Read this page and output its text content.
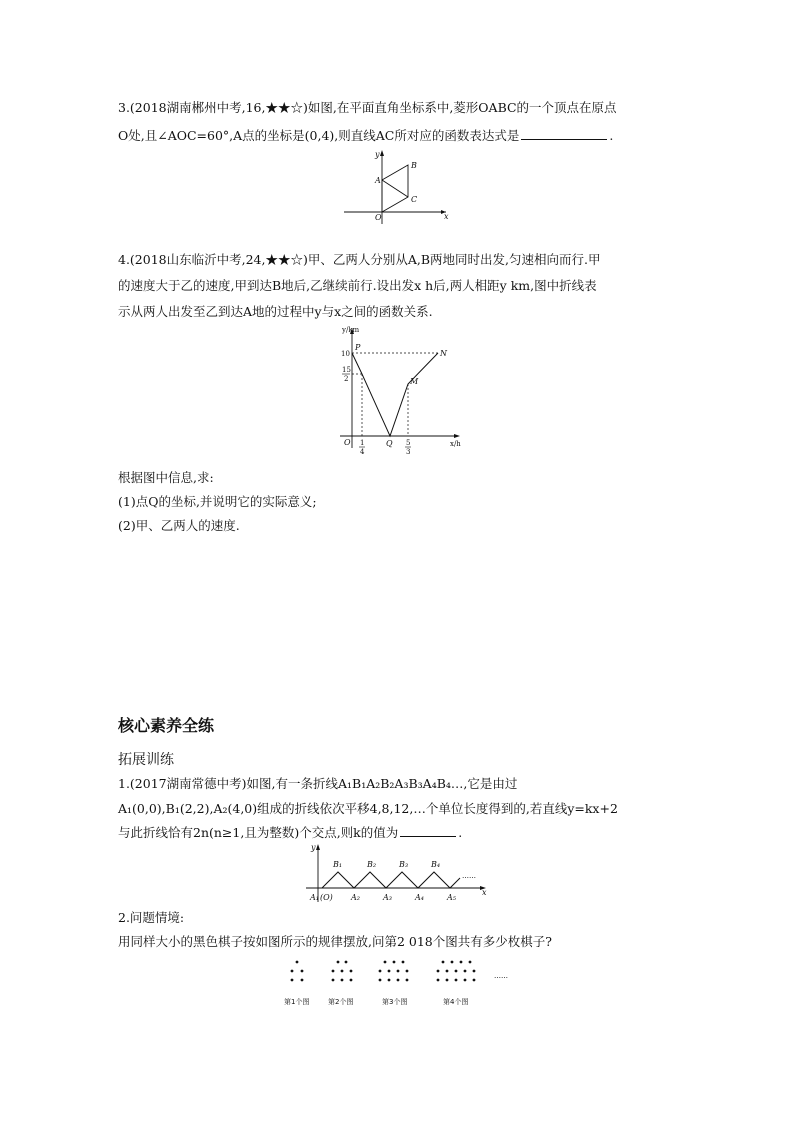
3.(2018湖南郴州中考,16,★★☆)如图,在平面直角坐标系中,菱形OABC的一个顶点在原点
O处,且∠AOC=60°,A点的坐标是(0,4),则直线AC所对应的函数表达式是	.
y
x
A
B
C
O
4.(2018山东临沂中考,24,★★☆)甲、乙两人分别从A,B两地同时出发,匀速相向而行.甲
的速度大于乙的速度,甲到达B地后,乙继续前行.设出发x h后,两人相距y km,图中折线表
示从两人出发至乙到达A地的过程中y与x之间的函数关系.
y/km
x/h
P
N
M
Q
O
10
15
2
1
4
5
3
根据图中信息,求:
(1)点Q的坐标,并说明它的实际意义;
(2)甲、乙两人的速度.
核心素养全练
拓展训练
1.(2017湖南常德中考)如图,有一条折线A₁B₁A₂B₂A₃B₃A₄B₄…,它是由过
A₁(0,0),B₁(2,2),A₂(4,0)组成的折线依次平移4,8,12,…个单位长度得到的,若直线y=kx+2
与此折线恰有2n(n≥1,且为整数)个交点,则k的值为	.
y
x
A₁ (O) A₂	A₃	A₄	A₅
B₁	B₂	B₃	B₄
……
2.问题情境:
用同样大小的黑色棋子按如图所示的规律摆放,问第2 018个图共有多少枚棋子?
……
第1个图	第2个图	第3个图	第4个图
